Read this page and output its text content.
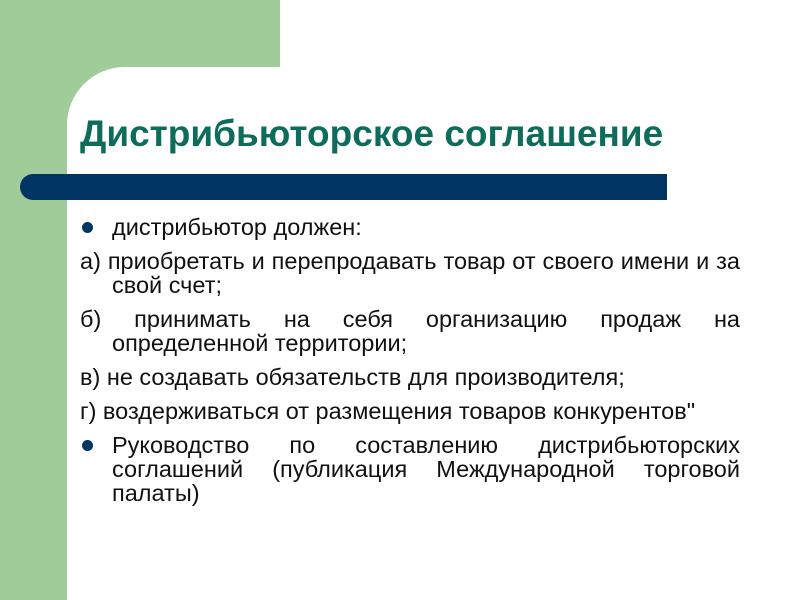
Дистрибьюторское соглашение
дистрибьютор должен:
а) приобретать и перепродавать товар от своего имени и за свой счет;
б) принимать на себя организацию продаж на определенной территории;
в) не создавать обязательств для производителя;
г) воздерживаться от размещения товаров конкурентов"
Руководство по составлению дистрибьюторских соглашений (публикация Международной торговой палаты)
